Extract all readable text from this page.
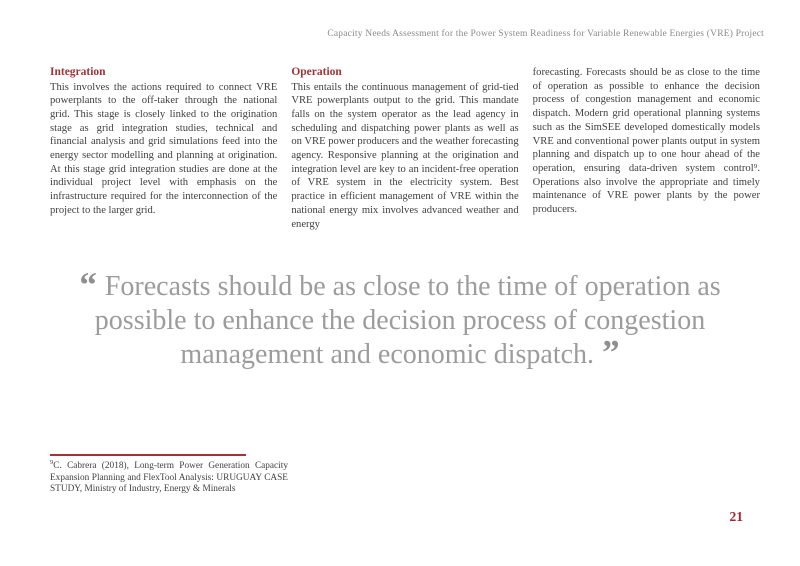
Capacity Needs Assessment for the Power System Readiness for Variable Renewable Energies (VRE) Project
Integration

This involves the actions required to connect VRE powerplants to the off-taker through the national grid. This stage is closely linked to the origination stage as grid integration studies, technical and financial analysis and grid simulations feed into the energy sector modelling and planning at origination. At this stage grid integration studies are done at the individual project level with emphasis on the infrastructure required for the interconnection of the project to the larger grid.

Operation

This entails the continuous management of grid-tied VRE powerplants output to the grid. This mandate falls on the system operator as the lead agency in scheduling and dispatching power plants as well as on VRE power producers and the weather forecasting agency. Responsive planning at the origination and integration level are key to an incident-free operation of VRE system in the electricity system. Best practice in efficient management of VRE within the national energy mix involves advanced weather and energy

forecasting. Forecasts should be as close to the time of operation as possible to enhance the decision process of congestion management and economic dispatch. Modern grid operational planning systems such as the SimSEE developed domestically models VRE and conventional power plants output in system planning and dispatch up to one hour ahead of the operation, ensuring data-driven system control⁹. Operations also involve the appropriate and timely maintenance of VRE power plants by the power producers.

“ Forecasts should be as close to the time of operation as possible to enhance the decision process of congestion management and economic dispatch. ”

$^9$C. Cabrera (2018), Long-term Power Generation Capacity Expansion Planning and FlexTool Analysis: URUGUAY CASE STUDY, Ministry of Industry, Energy & Minerals

21
